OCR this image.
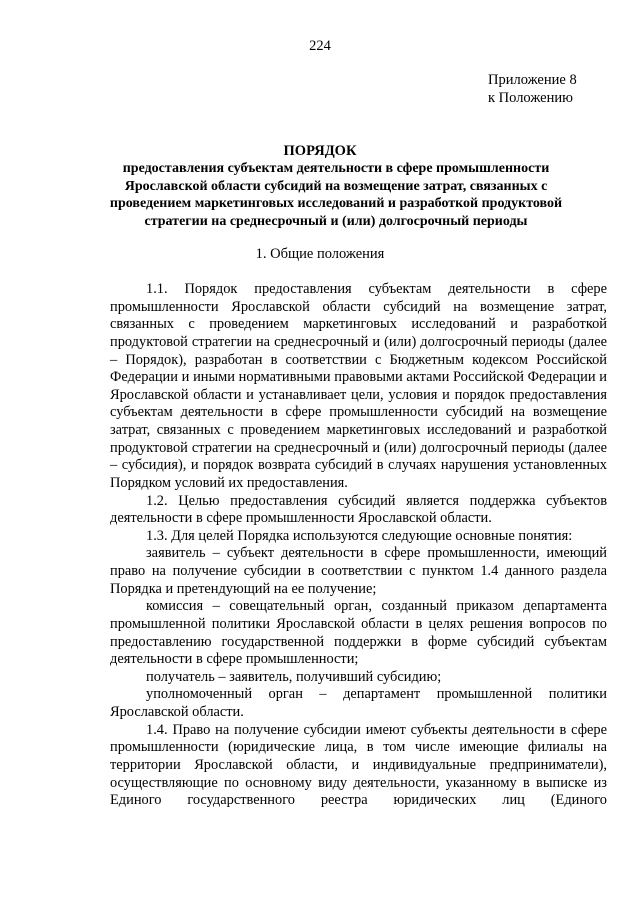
224
Приложение 8
к Положению
ПОРЯДОК
предоставления субъектам деятельности в сфере промышленности Ярославской области субсидий на возмещение затрат, связанных с проведением маркетинговых исследований и разработкой продуктовой стратегии на среднесрочный и (или) долгосрочный периоды
1. Общие положения

1.1. Порядок предоставления субъектам деятельности в сфере промышленности Ярославской области субсидий на возмещение затрат, связанных с проведением маркетинговых исследований и разработкой продуктовой стратегии на среднесрочный и (или) долгосрочный периоды (далее – Порядок), разработан в соответствии с Бюджетным кодексом Российской Федерации и иными нормативными правовыми актами Российской Федерации и Ярославской области и устанавливает цели, условия и порядок предоставления субъектам деятельности в сфере промышленности субсидий на возмещение затрат, связанных с проведением маркетинговых исследований и разработкой продуктовой стратегии на среднесрочный и (или) долгосрочный периоды (далее – субсидия), и порядок возврата субсидий в случаях нарушения установленных Порядком условий их предоставления.

1.2. Целью предоставления субсидий является поддержка субъектов деятельности в сфере промышленности Ярославской области.

1.3. Для целей Порядка используются следующие основные понятия:

заявитель – субъект деятельности в сфере промышленности, имеющий право на получение субсидии в соответствии с пунктом 1.4 данного раздела Порядка и претендующий на ее получение;

комиссия – совещательный орган, созданный приказом департамента промышленной политики Ярославской области в целях решения вопросов по предоставлению государственной поддержки в форме субсидий субъектам деятельности в сфере промышленности;

получатель – заявитель, получивший субсидию;

уполномоченный орган – департамент промышленной политики Ярославской области.

1.4. Право на получение субсидии имеют субъекты деятельности в сфере промышленности (юридические лица, в том числе имеющие филиалы на территории Ярославской области, и индивидуальные предприниматели), осуществляющие по основному виду деятельности, указанному в выписке из Единого государственного реестра юридических лиц (Единого
